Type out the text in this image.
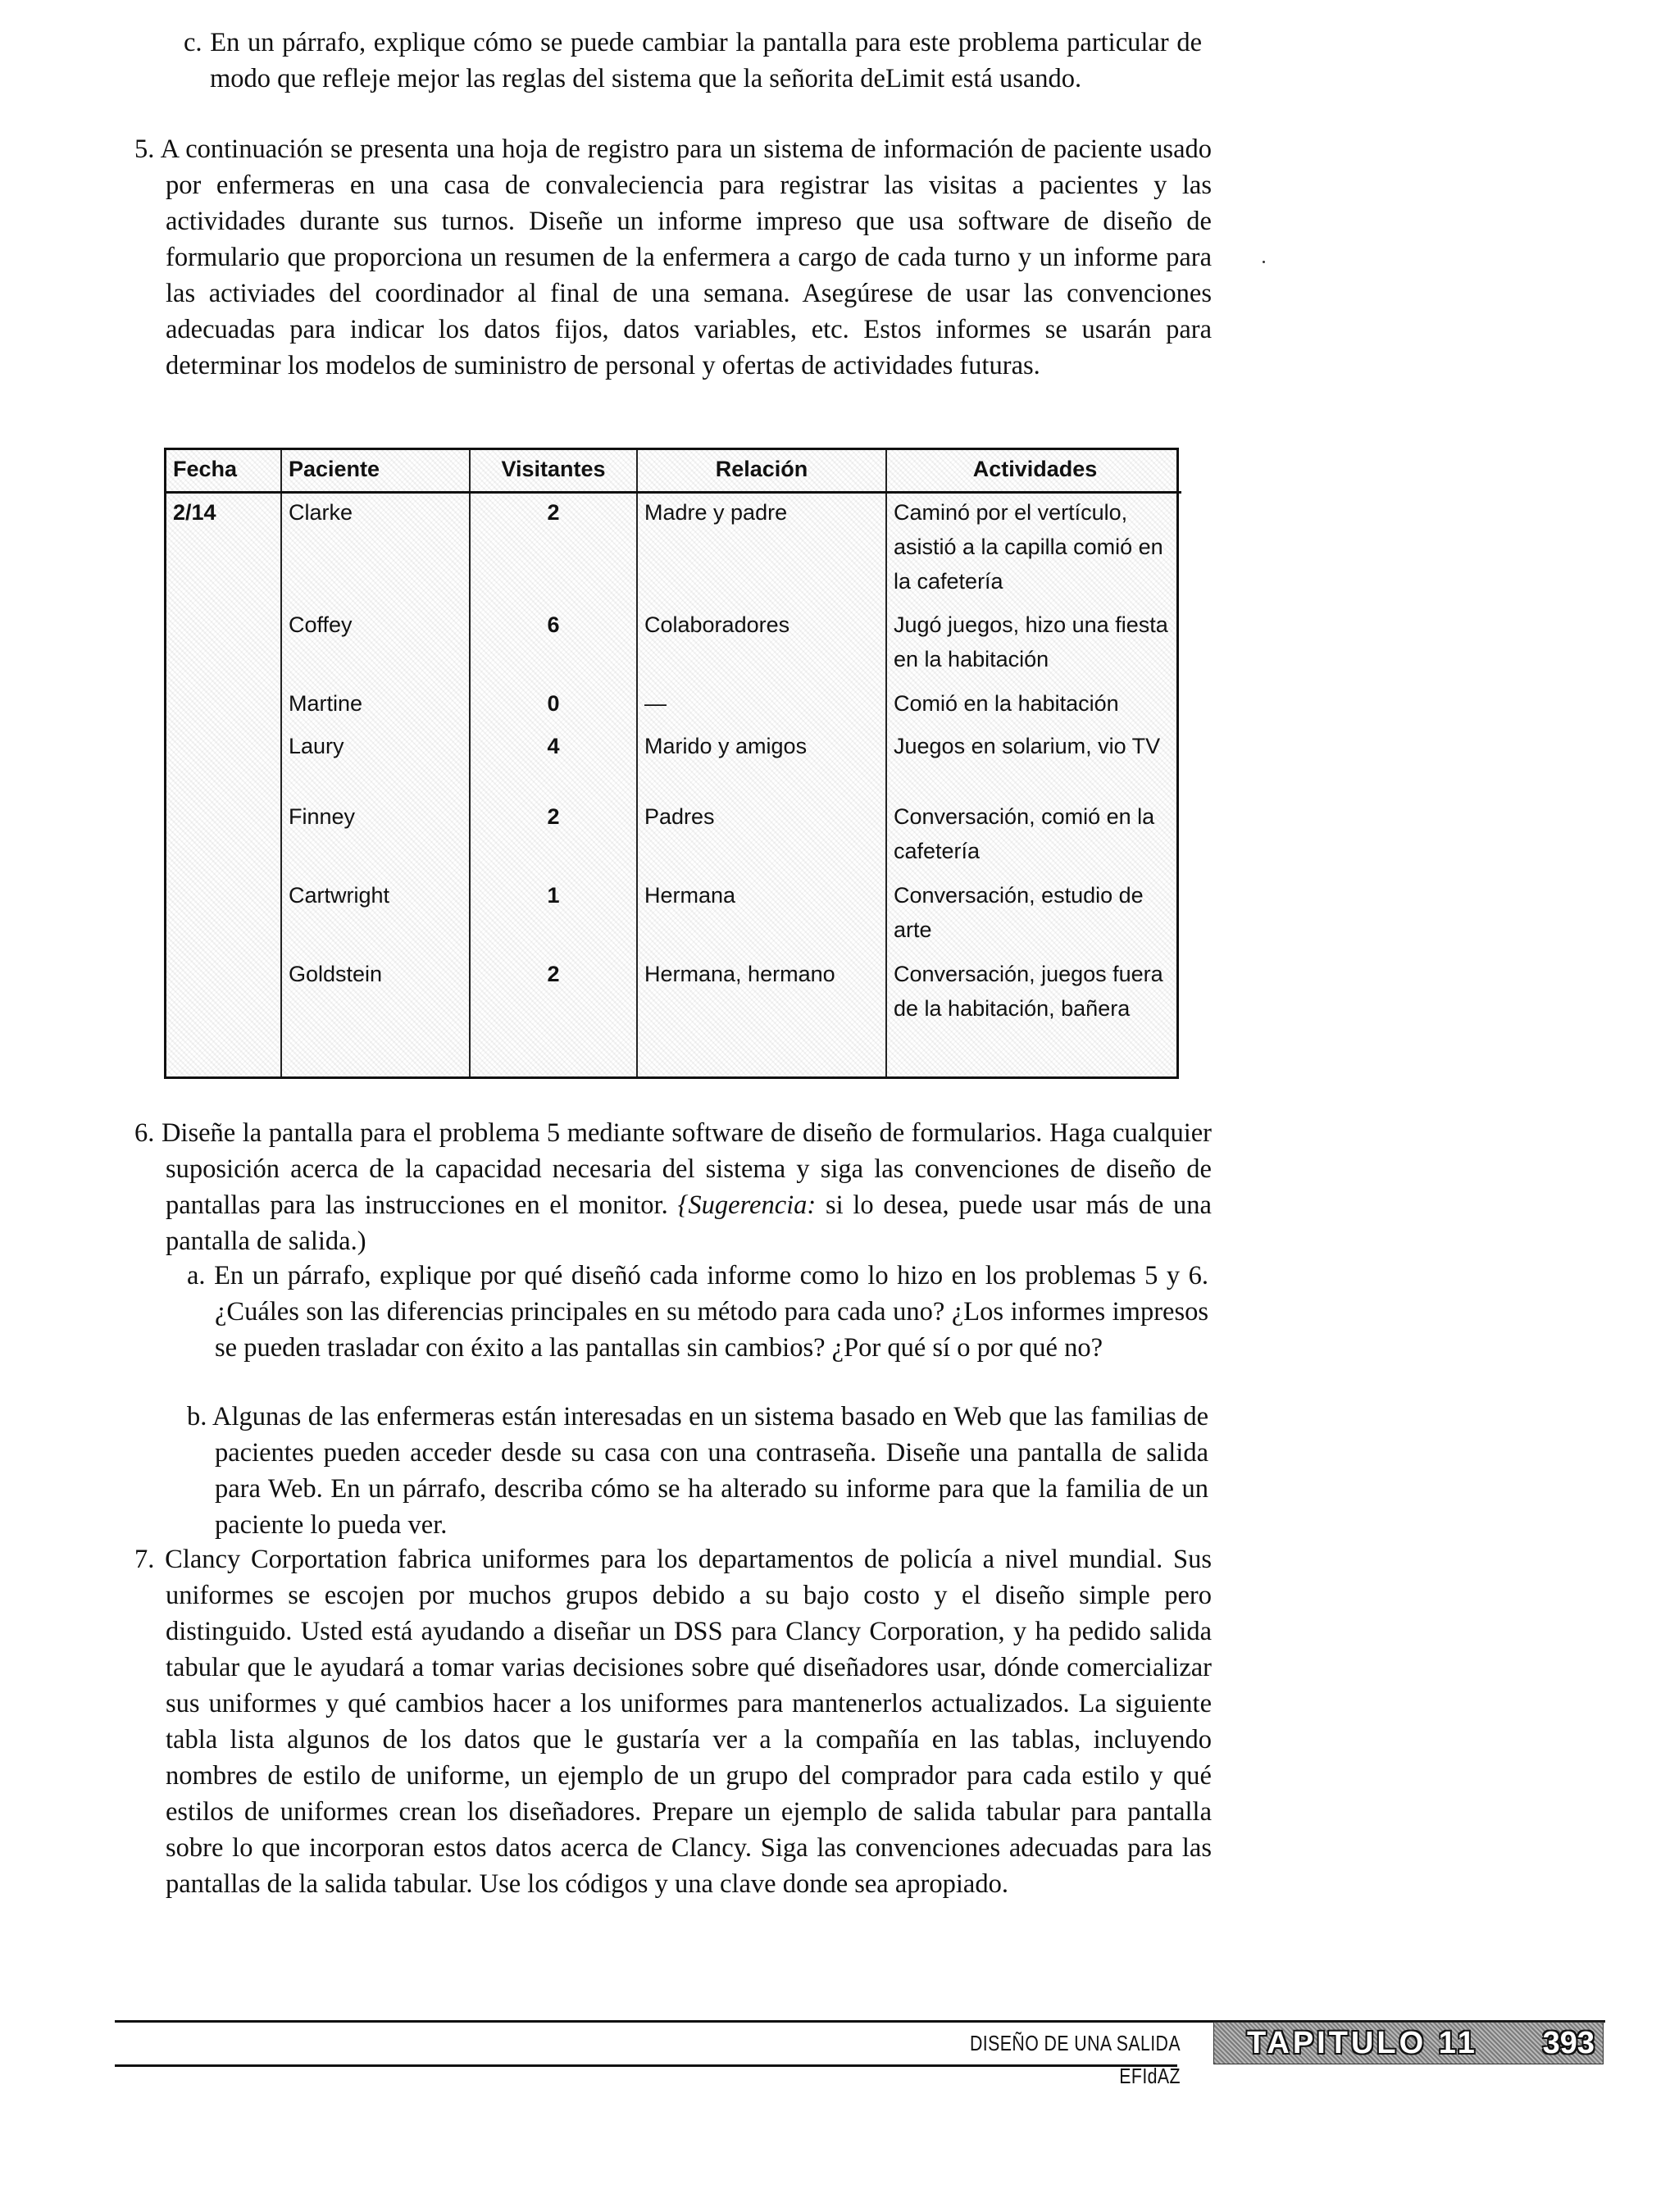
c. En un párrafo, explique cómo se puede cambiar la pantalla para este problema particular de modo que refleje mejor las reglas del sistema que la señorita deLimit está usando.

5. A continuación se presenta una hoja de registro para un sistema de información de paciente usado por enfermeras en una casa de convaleciencia para registrar las visitas a pacientes y las actividades durante sus turnos. Diseñe un informe impreso que usa software de diseño de formulario que proporciona un resumen de la enfermera a cargo de cada turno y un informe para las activiades del coordinador al final de una semana. Asegúrese de usar las convenciones adecuadas para indicar los datos fijos, datos variables, etc. Estos informes se usarán para determinar los modelos de suministro de personal y ofertas de actividades futuras.

Fecha	Paciente	Visitantes	Relación	Actividades
2/14	Clarke	2	Madre y padre	Caminó por el vertículo, asistió a la capilla comió en la cafetería
	Coffey	6	Colaboradores	Jugó juegos, hizo una fiesta en la habitación
	Martine	0	—	Comió en la habitación
	Laury	4	Marido y amigos	Juegos en solarium, vio TV
	Finney	2	Padres	Conversación, comió en la cafetería
	Cartwright	1	Hermana	Conversación, estudio de arte
	Goldstein	2	Hermana, hermano	Conversación, juegos fuera de la habitación, bañera

6. Diseñe la pantalla para el problema 5 mediante software de diseño de formularios. Haga cualquier suposición acerca de la capacidad necesaria del sistema y siga las convenciones de diseño de pantallas para las instrucciones en el monitor. {Sugerencia: si lo desea, puede usar más de una pantalla de salida.)

a. En un párrafo, explique por qué diseñó cada informe como lo hizo en los problemas 5 y 6. ¿Cuáles son las diferencias principales en su método para cada uno? ¿Los informes impresos se pueden trasladar con éxito a las pantallas sin cambios? ¿Por qué sí o por qué no?

b. Algunas de las enfermeras están interesadas en un sistema basado en Web que las familias de pacientes pueden acceder desde su casa con una contraseña. Diseñe una pantalla de salida para Web. En un párrafo, describa cómo se ha alterado su informe para que la familia de un paciente lo pueda ver.

7. Clancy Corportation fabrica uniformes para los departamentos de policía a nivel mundial. Sus uniformes se escojen por muchos grupos debido a su bajo costo y el diseño simple pero distinguido. Usted está ayudando a diseñar un DSS para Clancy Corporation, y ha pedido salida tabular que le ayudará a tomar varias decisiones sobre qué diseñadores usar, dónde comercializar sus uniformes y qué cambios hacer a los uniformes para mantenerlos actualizados. La siguiente tabla lista algunos de los datos que le gustaría ver a la compañía en las tablas, incluyendo nombres de estilo de uniforme, un ejemplo de un grupo del comprador para cada estilo y qué estilos de uniformes crean los diseñadores. Prepare un ejemplo de salida tabular para pantalla sobre lo que incorporan estos datos acerca de Clancy. Siga las convenciones adecuadas para las pantallas de la salida tabular. Use los códigos y una clave donde sea apropiado.

DISEÑO DE UNA SALIDA EFIdAZ
TAPITULO 11 393
